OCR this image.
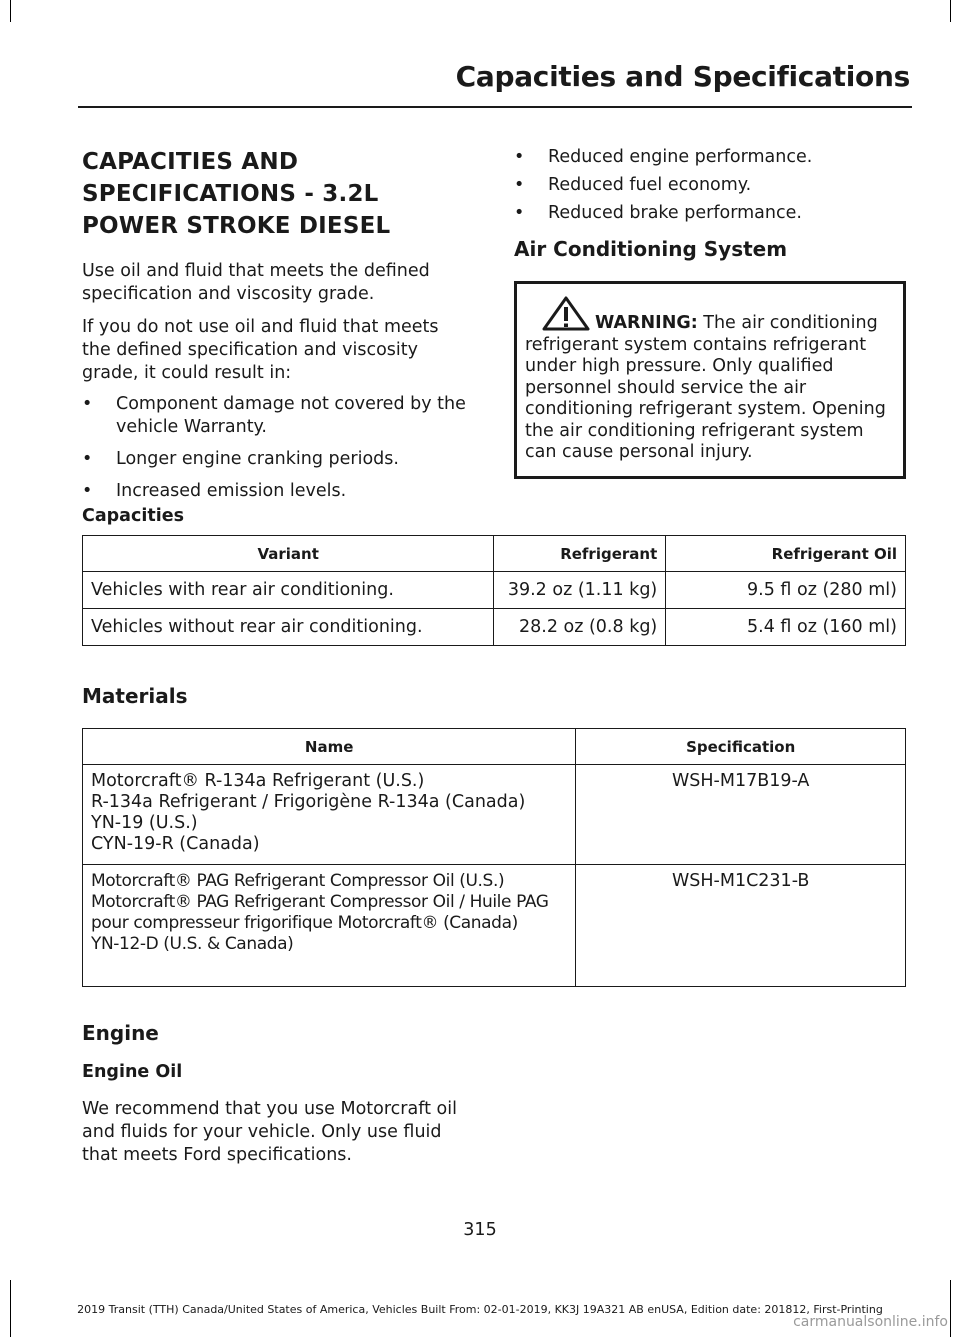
Capacities and Specifications
CAPACITIES AND
SPECIFICATIONS - 3.2L
POWER STROKE DIESEL

Use oil and fluid that meets the defined specification and viscosity grade.

If you do not use oil and fluid that meets the defined specification and viscosity grade, it could result in:

• Component damage not covered by the vehicle Warranty.
• Longer engine cranking periods.
• Increased emission levels.
• Reduced engine performance.
• Reduced fuel economy.
• Reduced brake performance.
Air Conditioning System
WARNING: The air conditioning refrigerant system contains refrigerant under high pressure. Only qualified personnel should service the air conditioning refrigerant system. Opening the air conditioning refrigerant system can cause personal injury.
Capacities
Variant	Refrigerant	Refrigerant Oil
Vehicles with rear air conditioning.	39.2 oz (1.11 kg)	9.5 fl oz (280 ml)
Vehicles without rear air conditioning.	28.2 oz (0.8 kg)	5.4 fl oz (160 ml)
Materials
Name	Specification

Motorcraft® R-134a Refrigerant (U.S.)
R-134a Refrigerant / Frigorigène R-134a (Canada)
YN-19 (U.S.)
CYN-19-R (Canada)	WSH-M17B19-A

Motorcraft® PAG Refrigerant Compressor Oil (U.S.)
Motorcraft® PAG Refrigerant Compressor Oil / Huile PAG pour compresseur frigorifique Motorcraft® (Canada)
YN-12-D (U.S. & Canada)	WSH-M1C231-B
Engine
Engine Oil

We recommend that you use Motorcraft oil and fluids for your vehicle. Only use fluid that meets Ford specifications.

315
2019 Transit (TTH) Canada/United States of America, Vehicles Built From: 02-01-2019, KK3J 19A321 AB enUSA, Edition date: 201812, First-Printing
carmanualsonline.info
